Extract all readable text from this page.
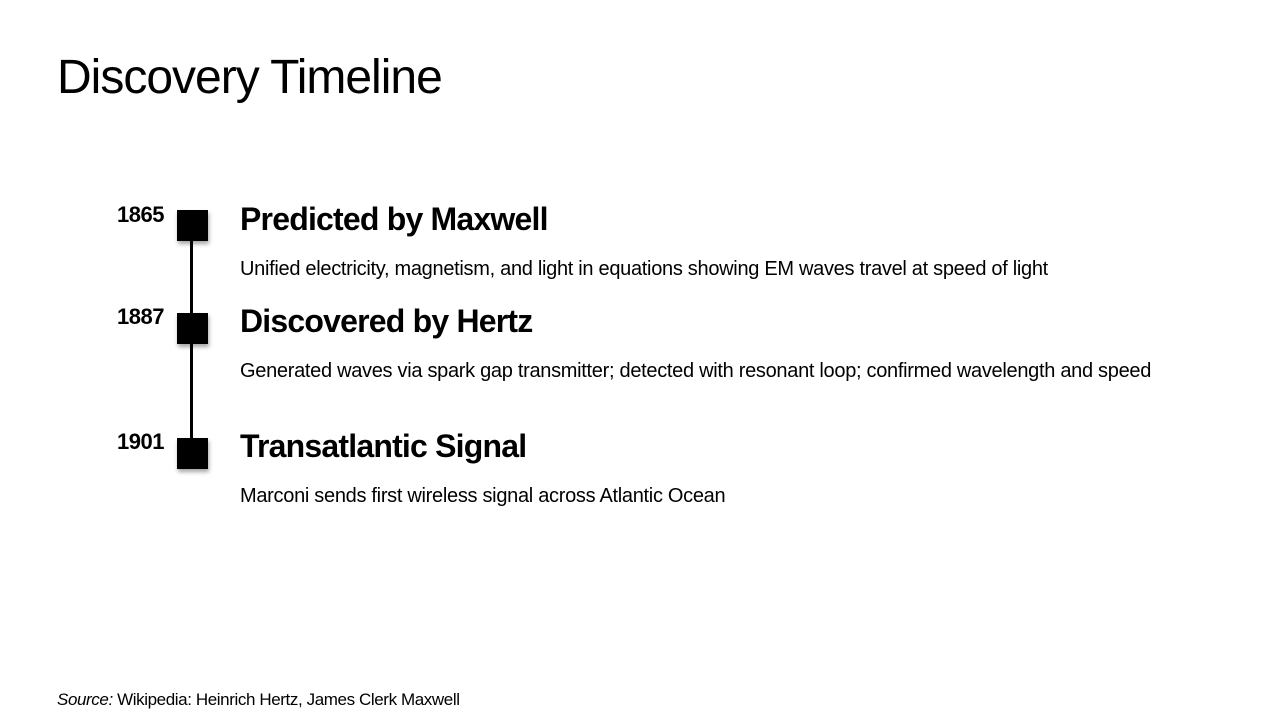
Discovery Timeline
1865 Predicted by Maxwell
Unified electricity, magnetism, and light in equations showing EM waves travel at speed of light
1887 Discovered by Hertz
Generated waves via spark gap transmitter; detected with resonant loop; confirmed wavelength and speed
1901 Transatlantic Signal
Marconi sends first wireless signal across Atlantic Ocean
Source: Wikipedia: Heinrich Hertz, James Clerk Maxwell
